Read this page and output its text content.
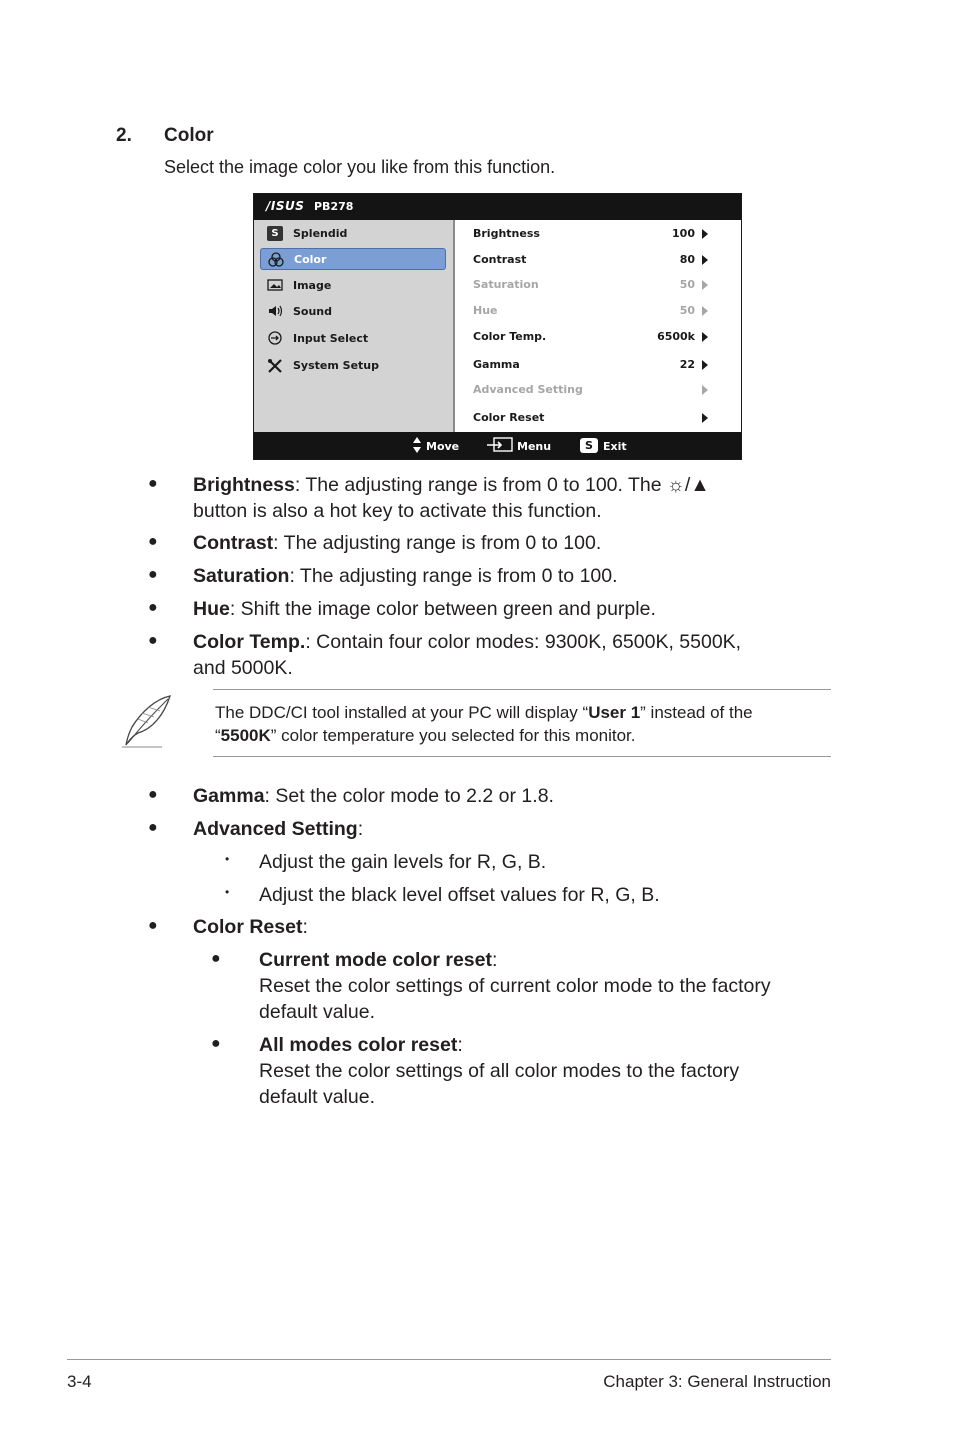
2. Color
Select the image color you like from this function.
/ISUS PB278
S	Splendid
Color
Image
Sound
Input Select
System Setup
Brightness	100
Contrast	80
Saturation	50
Hue	50
Color Temp.	6500k
Gamma	22
Advanced Setting
Color Reset
Move	Menu	S Exit
● Brightness: The adjusting range is from 0 to 100. The ☼/▲
button is also a hot key to activate this function.
● Contrast: The adjusting range is from 0 to 100.
● Saturation: The adjusting range is from 0 to 100.
● Hue: Shift the image color between green and purple.
● Color Temp.: Contain four color modes: 9300K, 6500K, 5500K,
and 5000K.
The DDC/CI tool installed at your PC will display “User 1” instead of the
“5500K” color temperature you selected for this monitor.
● Gamma: Set the color mode to 2.2 or 1.8.
● Advanced Setting:
• Adjust the gain levels for R, G, B.
• Adjust the black level offset values for R, G, B.
● Color Reset:
● Current mode color reset:
Reset the color settings of current color mode to the factory
default value.
● All modes color reset:
Reset the color settings of all color modes to the factory
default value.
3-4	Chapter 3: General Instruction
